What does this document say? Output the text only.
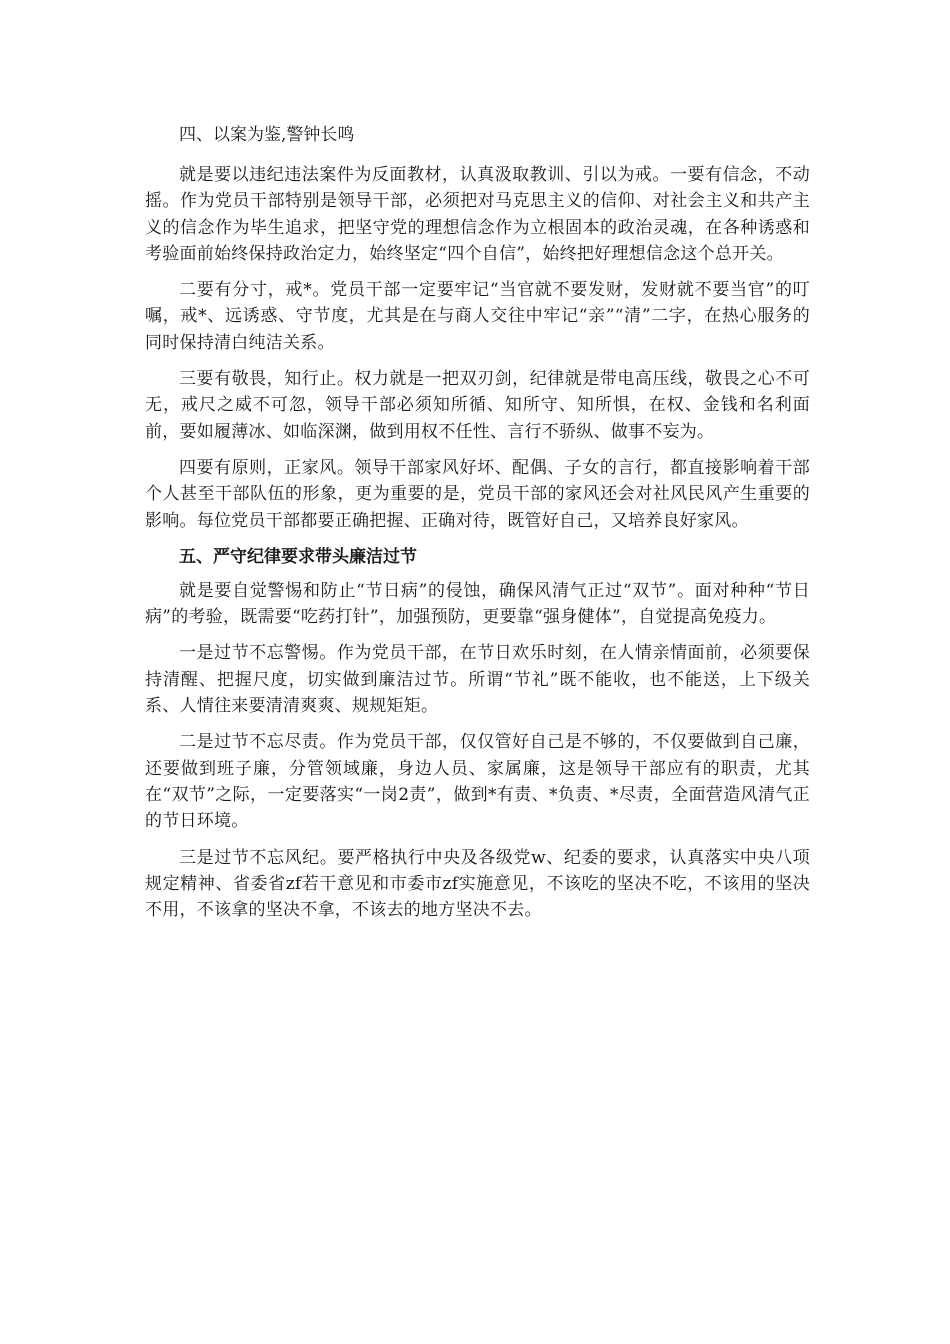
四、以案为鉴,警钟长鸣

就是要以违纪违法案件为反面教材，认真汲取教训、引以为戒。一要有信念，不动摇。作为党员干部特别是领导干部，必须把对马克思主义的信仰、对社会主义和共产主义的信念作为毕生追求，把坚守党的理想信念作为立根固本的政治灵魂，在各种诱惑和考验面前始终保持政治定力，始终坚定“四个自信”，始终把好理想信念这个总开关。

二要有分寸，戒*。党员干部一定要牢记“当官就不要发财，发财就不要当官”的叮嘱，戒*、远诱惑、守节度，尤其是在与商人交往中牢记“亲”“清”二字，在热心服务的同时保持清白纯洁关系。

三要有敬畏，知行止。权力就是一把双刃剑，纪律就是带电高压线，敬畏之心不可无，戒尺之威不可忽，领导干部必须知所循、知所守、知所惧，在权、金钱和名利面前，要如履薄冰、如临深渊，做到用权不任性、言行不骄纵、做事不妄为。

四要有原则，正家风。领导干部家风好坏、配偶、子女的言行，都直接影响着干部个人甚至干部队伍的形象，更为重要的是，党员干部的家风还会对社风民风产生重要的影响。每位党员干部都要正确把握、正确对待，既管好自己，又培养良好家风。

五、严守纪律要求带头廉洁过节

就是要自觉警惕和防止“节日病”的侵蚀，确保风清气正过“双节”。面对种种“节日病”的考验，既需要“吃药打针”，加强预防，更要靠“强身健体”，自觉提高免疫力。

一是过节不忘警惕。作为党员干部，在节日欢乐时刻，在人情亲情面前，必须要保持清醒、把握尺度，切实做到廉洁过节。所谓“节礼”既不能收，也不能送，上下级关系、人情往来要清清爽爽、规规矩矩。

二是过节不忘尽责。作为党员干部，仅仅管好自己是不够的，不仅要做到自己廉，还要做到班子廉，分管领域廉，身边人员、家属廉，这是领导干部应有的职责，尤其在“双节”之际，一定要落实“一岗2责”，做到*有责、*负责、*尽责，全面营造风清气正的节日环境。

三是过节不忘风纪。要严格执行中央及各级党w、纪委的要求，认真落实中央八项规定精神、省委省zf若干意见和市委市zf实施意见，不该吃的坚决不吃，不该用的坚决不用，不该拿的坚决不拿，不该去的地方坚决不去。
